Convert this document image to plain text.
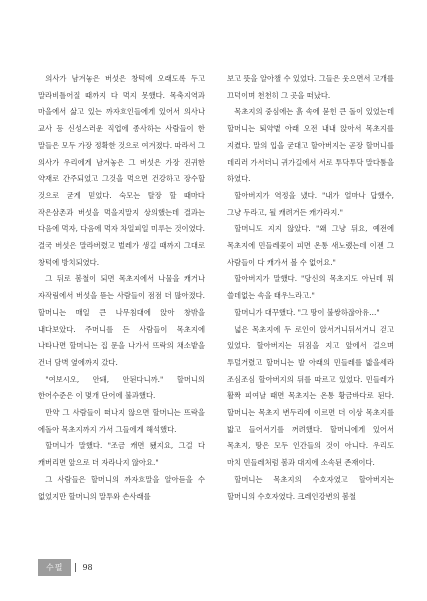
의사가 남겨놓은 버섯은 창턱에 오래도록 두고 말라비틀어질 때까지 다 먹지 못했다. 목축지역과 마을에서 삶고 있는 까자흐인들에게 있어서 의사나 교사 등 신성스러운 직업에 종사하는 사람들이 한 말들은 모두 가장 정확한 것으로 여겨졌다. 따라서 그 의사가 우리에게 남겨놓은 그 버섯은 가장 진귀한 약재로 간주되었고 그것을 먹으면 건강하고 장수할 것으로 굳게 믿었다. 숙모는 탈장 할 때마다 작은삼촌과 버섯을 먹을지말지 상의했는데 결과는 다음에 먹자, 다음에 먹자 차일피일 미루는 것이였다. 결국 버섯은 말라버렸고 벌레가 생길 때까지 그대로 창턱에 방치되였다.

그 뒤로 봄철이 되면 목초지에서 나물을 캐거나 자작림에서 버섯을 뜯는 사람들이 점점 더 많아졌다. 할머니는 매일 큰 나무침대에 앉아 창밖을 내다보았다. 주머니를 든 사람들이 목초지에 나타나면 할머니는 집 문을 나가서 뜨락의 채소밭을 건너 담벽 옆에까지 갔다.

"여보시오, 안돼, 안된다니까." 할머니의 한어수준은 이 몇개 단어에 불과했다.

만약 그 사람들이 떠나지 않으면 할머니는 뜨락을 에돌아 목초지까지 가서 그들에게 해석했다.

할머니가 말했다. "조금 캐면 됐지요, 그걸 다 캐버리면 앞으로 더 자라나지 않아요."

그 사람들은 할머니의 까자흐말을 알아듣을 수 없었지만 할머니의 말투와 손사래를

보고 뜻을 알아챌 수 있었다. 그들은 웃으면서 고개를 끄덕이며 천천히 그 곳을 떠났다.

목초지의 중심에는 흙 속에 묻힌 큰 돌이 있었는데 할머니는 퇴약볕 아래 오전 내내 앉아서 목초지를 지켰다. 말의 입을 굳대고 할아버지는 곧장 할머니를 데리러 가서더니 귀가길에서 서로 투닥투닥 말다툼을 하였다.

할아버지가 역정을 냈다. "내가 얼마나 답했수, 그냥 두라고, 될 캐려거든 캐가라지."

할머니도 지지 않았다. "왜 그냥 뒤요, 예전에 목초지에 민들레꽃이 피면 온통 새노랬는데 이젠 그 사람들이 다 캐가서 볼 수 없어요."

할아버지가 말했다. "당신의 목초지도 아닌데 뭐 쓸데없는 속을 태우느라고."

할머니가 대꾸했다. "그 땅이 불쌍하잖아유…"

넓은 목초지에 두 로인이 앉서거니뒤서거니 걷고 있었다. 할아버지는 뒤짐을 지고 앞에서 걸으며 투덜거렸고 할머니는 발 아래의 민들레를 밟을세라 조심조심 할아버지의 뒤를 따르고 있었다. 민들레가 활짝 피여날 때면 목초지는 온통 황금바다로 된다. 할머니는 목초지 변두리에 이르면 더 이상 목초지를 밟고 들어서기를 꺼려했다. 할머니에게 있어서 목초지, 땅은 모두 인간들의 것이 아니다. 우리도 마치 민들레처럼 봄과 대지에 소속된 존재이다.

할머니는 목초지의 수호자였고 할아버지는 할머니의 수호자였다. 크레인강변의 봄철

수필	98
